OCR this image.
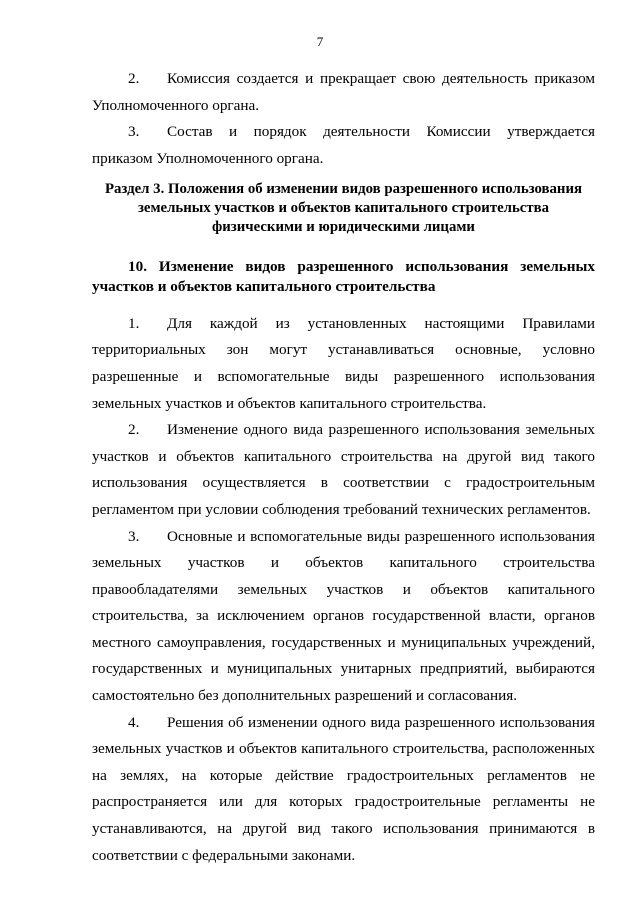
7

2. Комиссия создается и прекращает свою деятельность приказом Уполномоченного органа.

3. Состав и порядок деятельности Комиссии утверждается приказом Уполномоченного органа.

Раздел 3. Положения об изменении видов разрешенного использования земельных участков и объектов капитального строительства физическими и юридическими лицами
10. Изменение видов разрешенного использования земельных участков и объектов капитального строительства

1. Для каждой из установленных настоящими Правилами территориальных зон могут устанавливаться основные, условно разрешенные и вспомогательные виды разрешенного использования земельных участков и объектов капитального строительства.

2. Изменение одного вида разрешенного использования земельных участков и объектов капитального строительства на другой вид такого использования осуществляется в соответствии с градостроительным регламентом при условии соблюдения требований технических регламентов.

3. Основные и вспомогательные виды разрешенного использования земельных участков и объектов капитального строительства правообладателями земельных участков и объектов капитального строительства, за исключением органов государственной власти, органов местного самоуправления, государственных и муниципальных учреждений, государственных и муниципальных унитарных предприятий, выбираются самостоятельно без дополнительных разрешений и согласования.

4. Решения об изменении одного вида разрешенного использования земельных участков и объектов капитального строительства, расположенных на землях, на которые действие градостроительных регламентов не распространяется или для которых градостроительные регламенты не устанавливаются, на другой вид такого использования принимаются в соответствии с федеральными законами.
